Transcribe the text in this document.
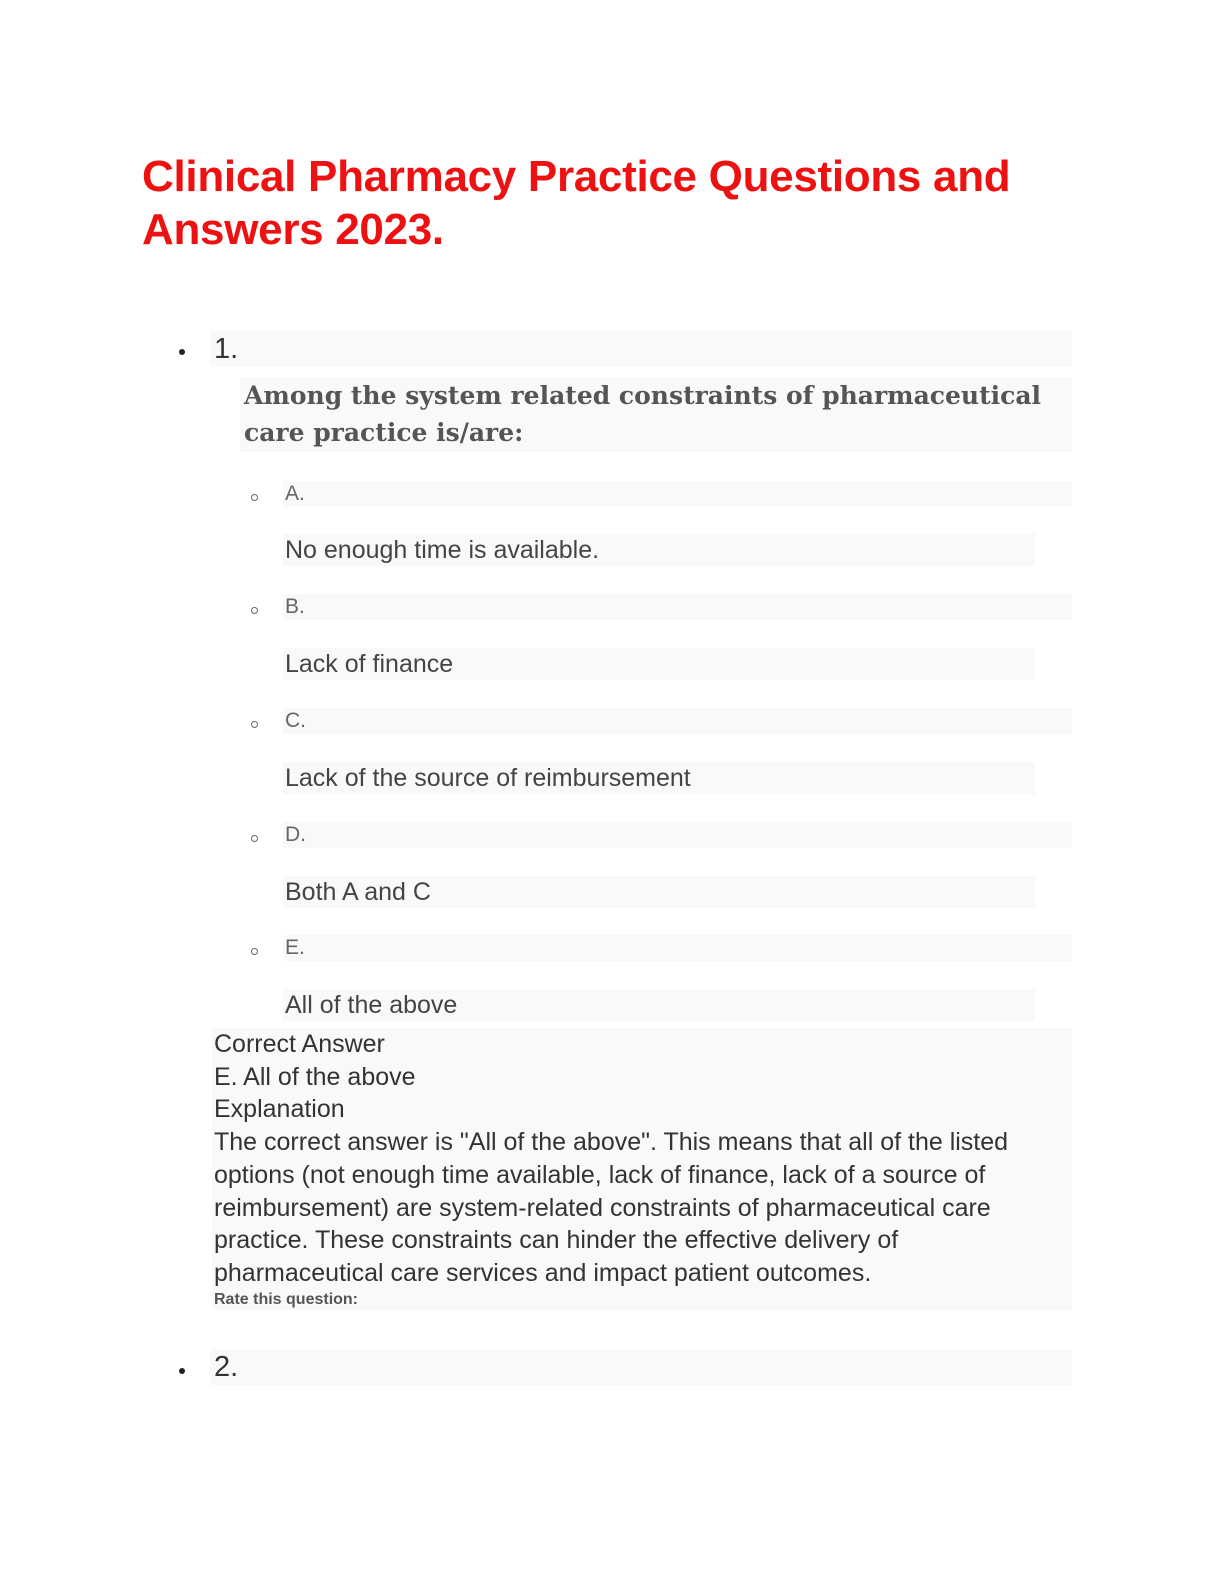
Clinical Pharmacy Practice Questions and Answers 2023.
1.
Among the system related constraints of pharmaceutical care practice is/are:
A.
No enough time is available.
B.
Lack of finance
C.
Lack of the source of reimbursement
D.
Both A and C
E.
All of the above
Correct Answer
E. All of the above
Explanation
The correct answer is "All of the above". This means that all of the listed options (not enough time available, lack of finance, lack of a source of reimbursement) are system-related constraints of pharmaceutical care practice. These constraints can hinder the effective delivery of pharmaceutical care services and impact patient outcomes.
Rate this question:
2.
